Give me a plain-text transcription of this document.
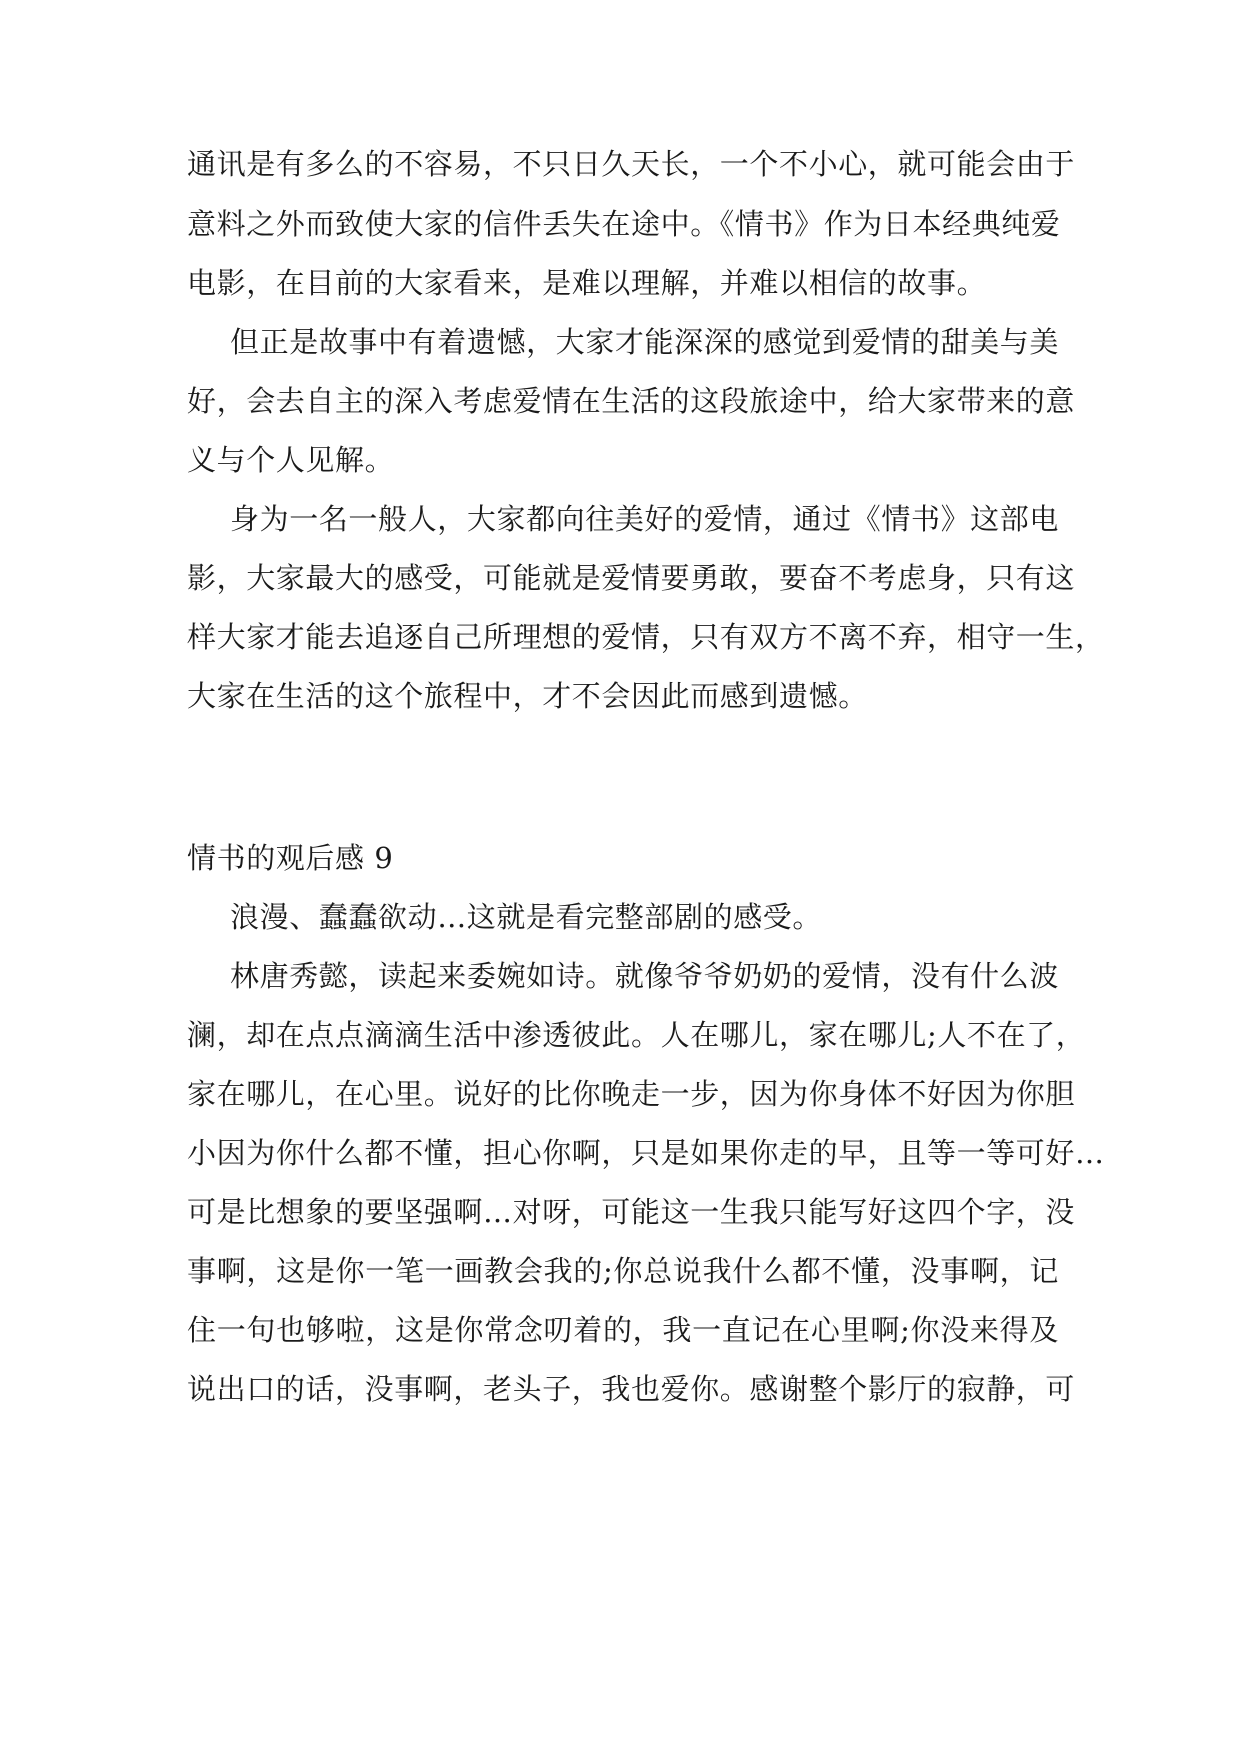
通讯是有多么的不容易，不只日久天长，一个不小心，就可能会由于
意料之外而致使大家的信件丢失在途中。《情书》作为日本经典纯爱
电影，在目前的大家看来，是难以理解，并难以相信的故事。
但正是故事中有着遗憾，大家才能深深的感觉到爱情的甜美与美
好，会去自主的深入考虑爱情在生活的这段旅途中，给大家带来的意
义与个人见解。
身为一名一般人，大家都向往美好的爱情，通过《情书》这部电
影，大家最大的感受，可能就是爱情要勇敢，要奋不考虑身，只有这
样大家才能去追逐自己所理想的爱情，只有双方不离不弃，相守一生，
大家在生活的这个旅程中，才不会因此而感到遗憾。
情书的观后感 9
浪漫、蠢蠢欲动…这就是看完整部剧的感受。
林唐秀懿，读起来委婉如诗。就像爷爷奶奶的爱情，没有什么波
澜，却在点点滴滴生活中渗透彼此。人在哪儿，家在哪儿;人不在了，
家在哪儿，在心里。说好的比你晚走一步，因为你身体不好因为你胆
小因为你什么都不懂，担心你啊，只是如果你走的早，且等一等可好…
可是比想象的要坚强啊…对呀，可能这一生我只能写好这四个字，没
事啊，这是你一笔一画教会我的;你总说我什么都不懂，没事啊，记
住一句也够啦，这是你常念叨着的，我一直记在心里啊;你没来得及
说出口的话，没事啊，老头子，我也爱你。感谢整个影厅的寂静，可
